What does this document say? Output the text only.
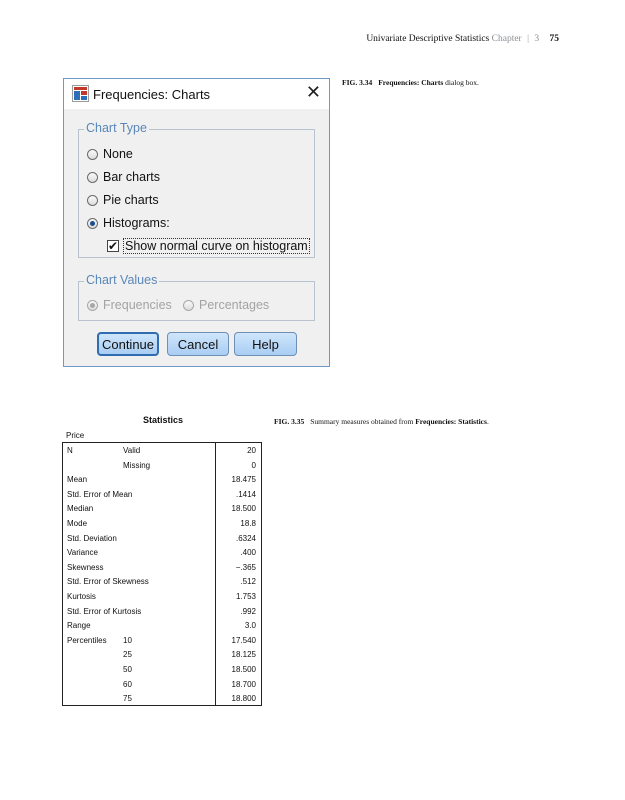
Univariate Descriptive Statistics Chapter | 3 75
FIG. 3.34 Frequencies: Charts dialog box.
Frequencies: Charts	✕
Chart Type
None
Bar charts
Pie charts
Histograms:
✔ Show normal curve on histogram
Chart Values
Frequencies Percentages
Continue	Cancel	Help
FIG. 3.35 Summary measures obtained from Frequencies: Statistics.
Statistics
Price
N	Valid	20
Missing	0
Mean	18.475
Std. Error of Mean	.1414
Median	18.500
Mode	18.8
Std. Deviation	.6324
Variance	.400
Skewness	−.365
Std. Error of Skewness	.512
Kurtosis	1.753
Std. Error of Kurtosis	.992
Range	3.0
Percentiles 10	17.540
25	18.125
50	18.500
60	18.700
75	18.800
